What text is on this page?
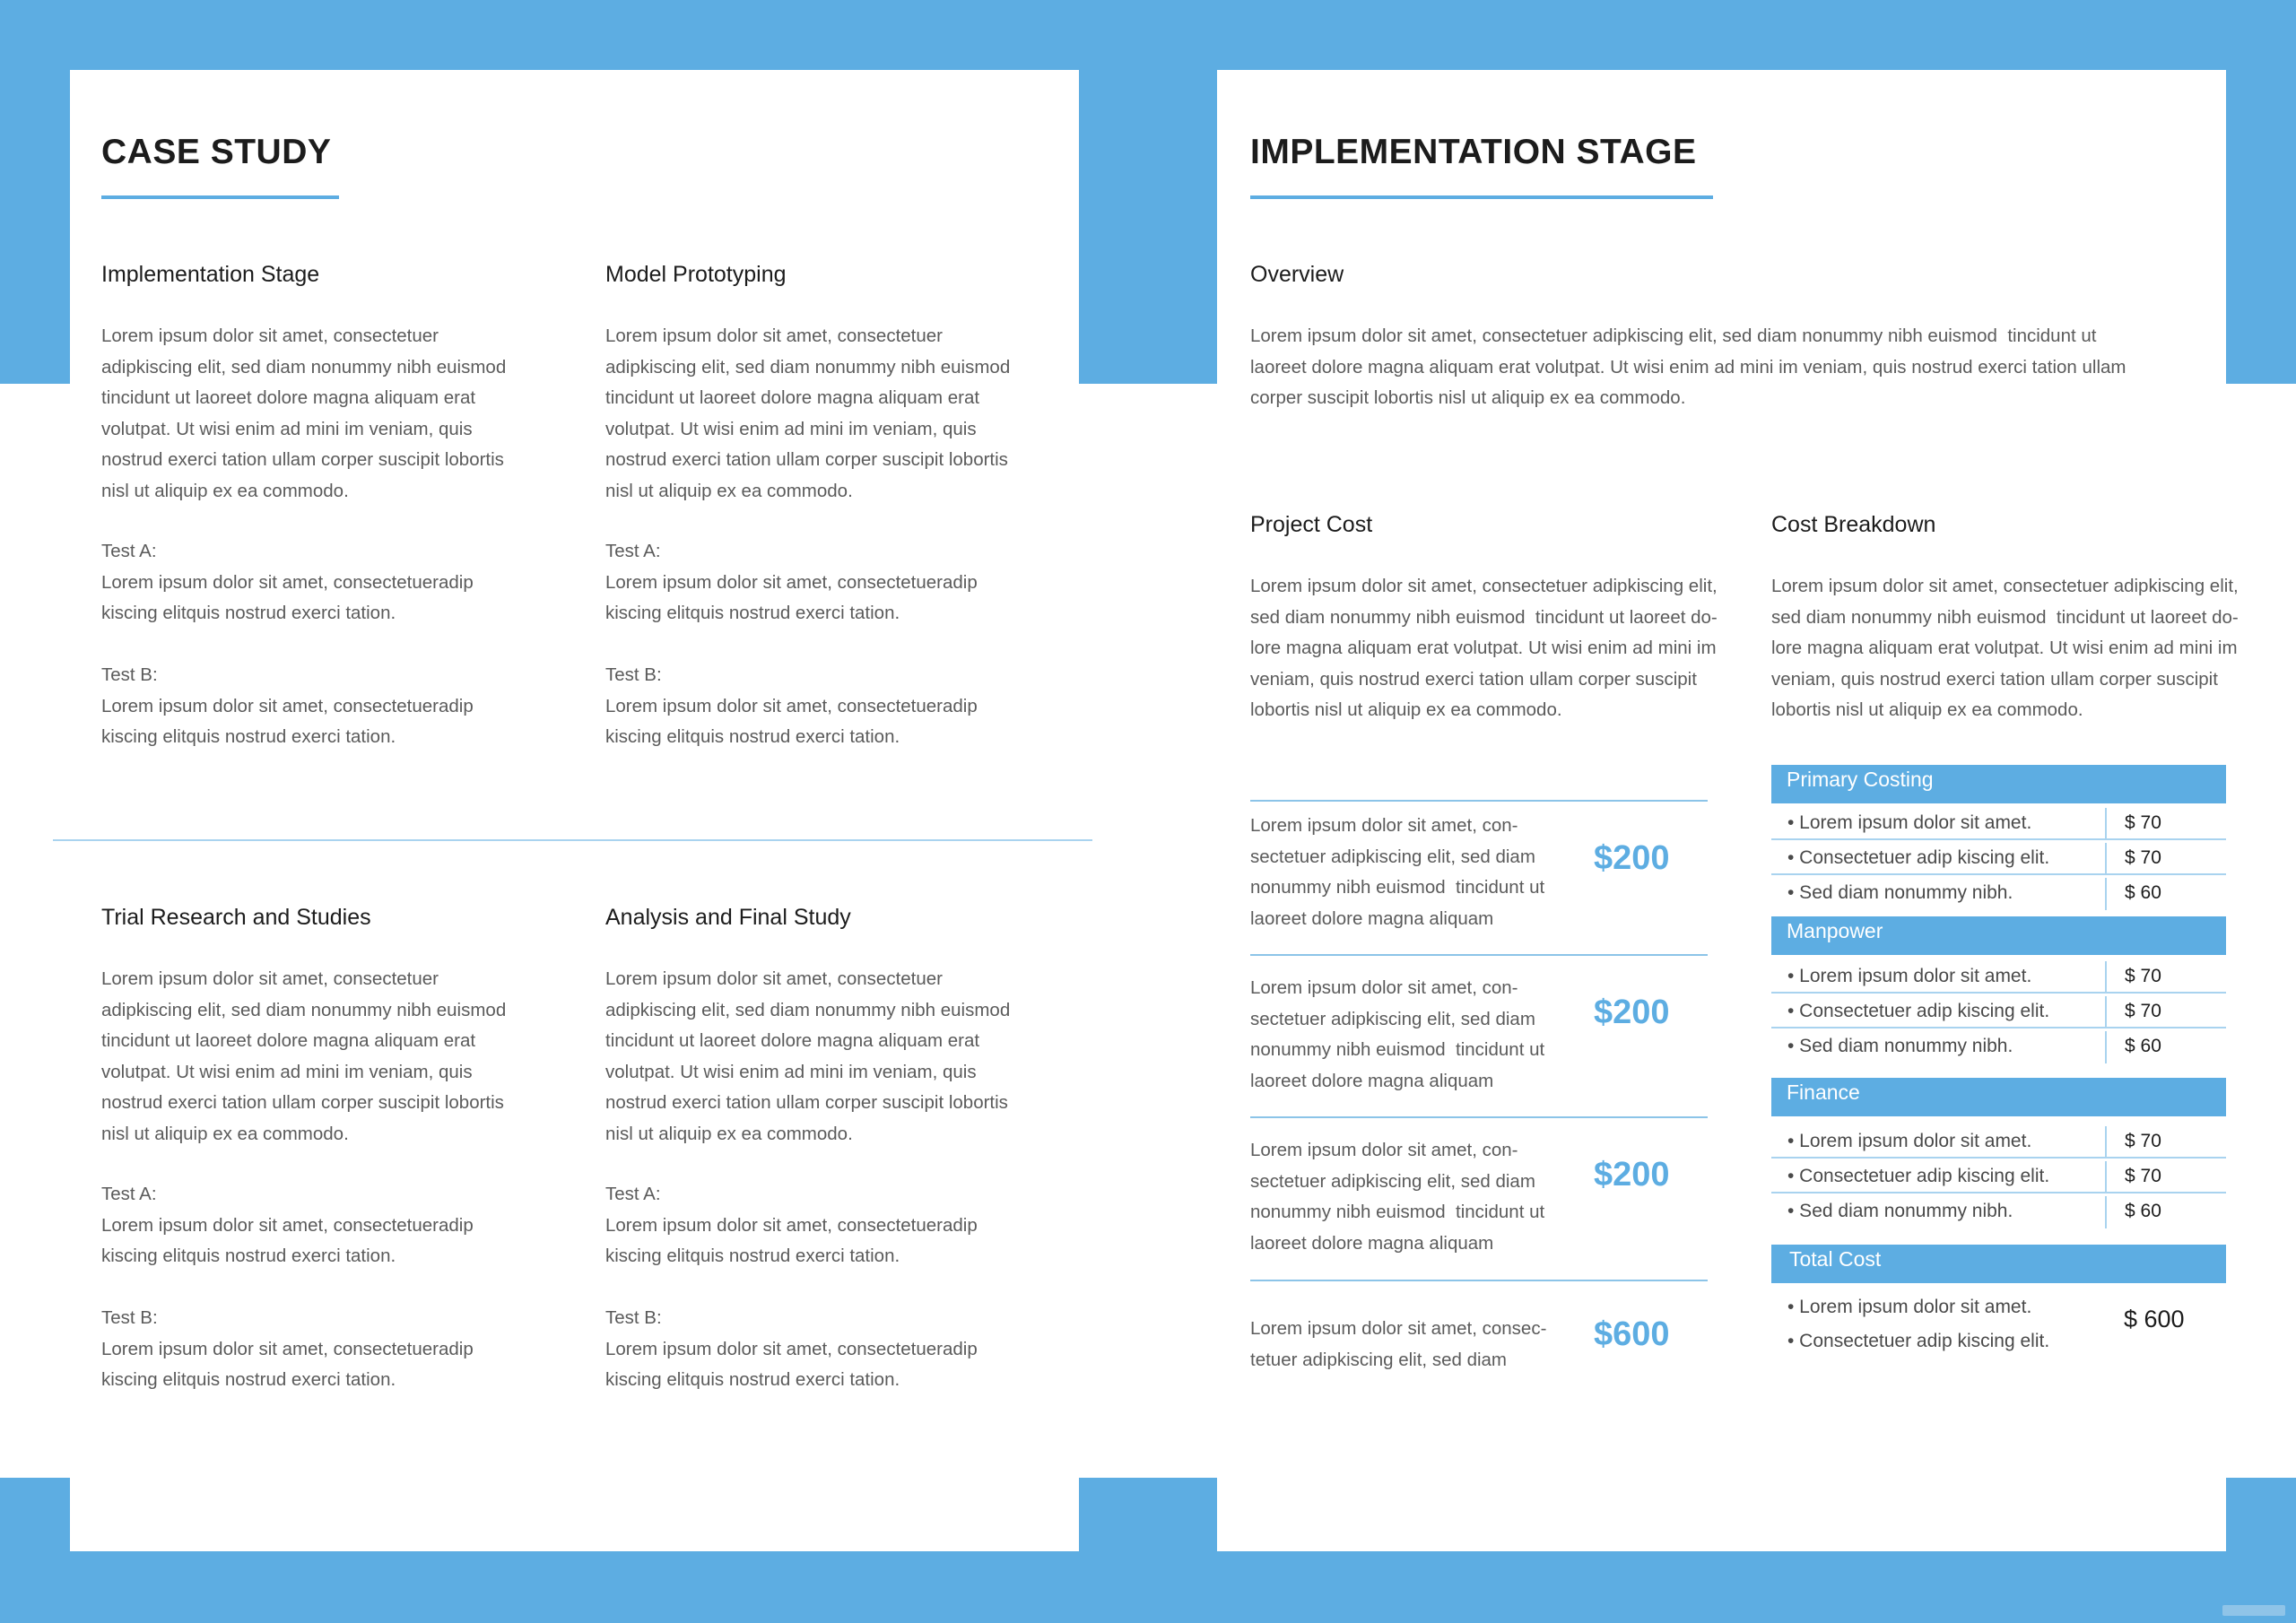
CASE STUDY
Implementation Stage
Lorem ipsum dolor sit amet, consectetuer
adipkiscing elit, sed diam nonummy nibh euismod
tincidunt ut laoreet dolore magna aliquam erat
volutpat. Ut wisi enim ad mini im veniam, quis
nostrud exerci tation ullam corper suscipit lobortis
nisl ut aliquip ex ea commodo.
Test A:
Lorem ipsum dolor sit amet, consectetueradip
kiscing elitquis nostrud exerci tation.
Test B:
Lorem ipsum dolor sit amet, consectetueradip
kiscing elitquis nostrud exerci tation.
Model Prototyping
Lorem ipsum dolor sit amet, consectetuer
adipkiscing elit, sed diam nonummy nibh euismod
tincidunt ut laoreet dolore magna aliquam erat
volutpat. Ut wisi enim ad mini im veniam, quis
nostrud exerci tation ullam corper suscipit lobortis
nisl ut aliquip ex ea commodo.
Test A:
Lorem ipsum dolor sit amet, consectetueradip
kiscing elitquis nostrud exerci tation.
Test B:
Lorem ipsum dolor sit amet, consectetueradip
kiscing elitquis nostrud exerci tation.
Trial Research and Studies
Lorem ipsum dolor sit amet, consectetuer
adipkiscing elit, sed diam nonummy nibh euismod
tincidunt ut laoreet dolore magna aliquam erat
volutpat. Ut wisi enim ad mini im veniam, quis
nostrud exerci tation ullam corper suscipit lobortis
nisl ut aliquip ex ea commodo.
Test A:
Lorem ipsum dolor sit amet, consectetueradip
kiscing elitquis nostrud exerci tation.
Test B:
Lorem ipsum dolor sit amet, consectetueradip
kiscing elitquis nostrud exerci tation.
Analysis and Final Study
Lorem ipsum dolor sit amet, consectetuer
adipkiscing elit, sed diam nonummy nibh euismod
tincidunt ut laoreet dolore magna aliquam erat
volutpat. Ut wisi enim ad mini im veniam, quis
nostrud exerci tation ullam corper suscipit lobortis
nisl ut aliquip ex ea commodo.
Test A:
Lorem ipsum dolor sit amet, consectetueradip
kiscing elitquis nostrud exerci tation.
Test B:
Lorem ipsum dolor sit amet, consectetueradip
kiscing elitquis nostrud exerci tation.
IMPLEMENTATION STAGE
Overview
Lorem ipsum dolor sit amet, consectetuer adipkiscing elit, sed diam nonummy nibh euismod  tincidunt ut
laoreet dolore magna aliquam erat volutpat. Ut wisi enim ad mini im veniam, quis nostrud exerci tation ullam
corper suscipit lobortis nisl ut aliquip ex ea commodo.
Project Cost
Lorem ipsum dolor sit amet, consectetuer adipkiscing elit,
sed diam nonummy nibh euismod  tincidunt ut laoreet do-
lore magna aliquam erat volutpat. Ut wisi enim ad mini im
veniam, quis nostrud exerci tation ullam corper suscipit
lobortis nisl ut aliquip ex ea commodo.
Cost Breakdown
Lorem ipsum dolor sit amet, consectetuer adipkiscing elit,
sed diam nonummy nibh euismod  tincidunt ut laoreet do-
lore magna aliquam erat volutpat. Ut wisi enim ad mini im
veniam, quis nostrud exerci tation ullam corper suscipit
lobortis nisl ut aliquip ex ea commodo.
Lorem ipsum dolor sit amet, con-
sectetuer adipkiscing elit, sed diam
nonummy nibh euismod  tincidunt ut
laoreet dolore magna aliquam
$200
Lorem ipsum dolor sit amet, con-
sectetuer adipkiscing elit, sed diam
nonummy nibh euismod  tincidunt ut
laoreet dolore magna aliquam
$200
Lorem ipsum dolor sit amet, con-
sectetuer adipkiscing elit, sed diam
nonummy nibh euismod  tincidunt ut
laoreet dolore magna aliquam
$200
Lorem ipsum dolor sit amet, consec-
tetuer adipkiscing elit, sed diam
$600
Primary Costing
• Lorem ipsum dolor sit amet.	$ 70
• Consectetuer adip kiscing elit.	$ 70
• Sed diam nonummy nibh.	$ 60
Manpower
• Lorem ipsum dolor sit amet.	$ 70
• Consectetuer adip kiscing elit.	$ 70
• Sed diam nonummy nibh.	$ 60
Finance
• Lorem ipsum dolor sit amet.	$ 70
• Consectetuer adip kiscing elit.	$ 70
• Sed diam nonummy nibh.	$ 60
Total Cost
• Lorem ipsum dolor sit amet.
• Consectetuer adip kiscing elit.
$ 600
